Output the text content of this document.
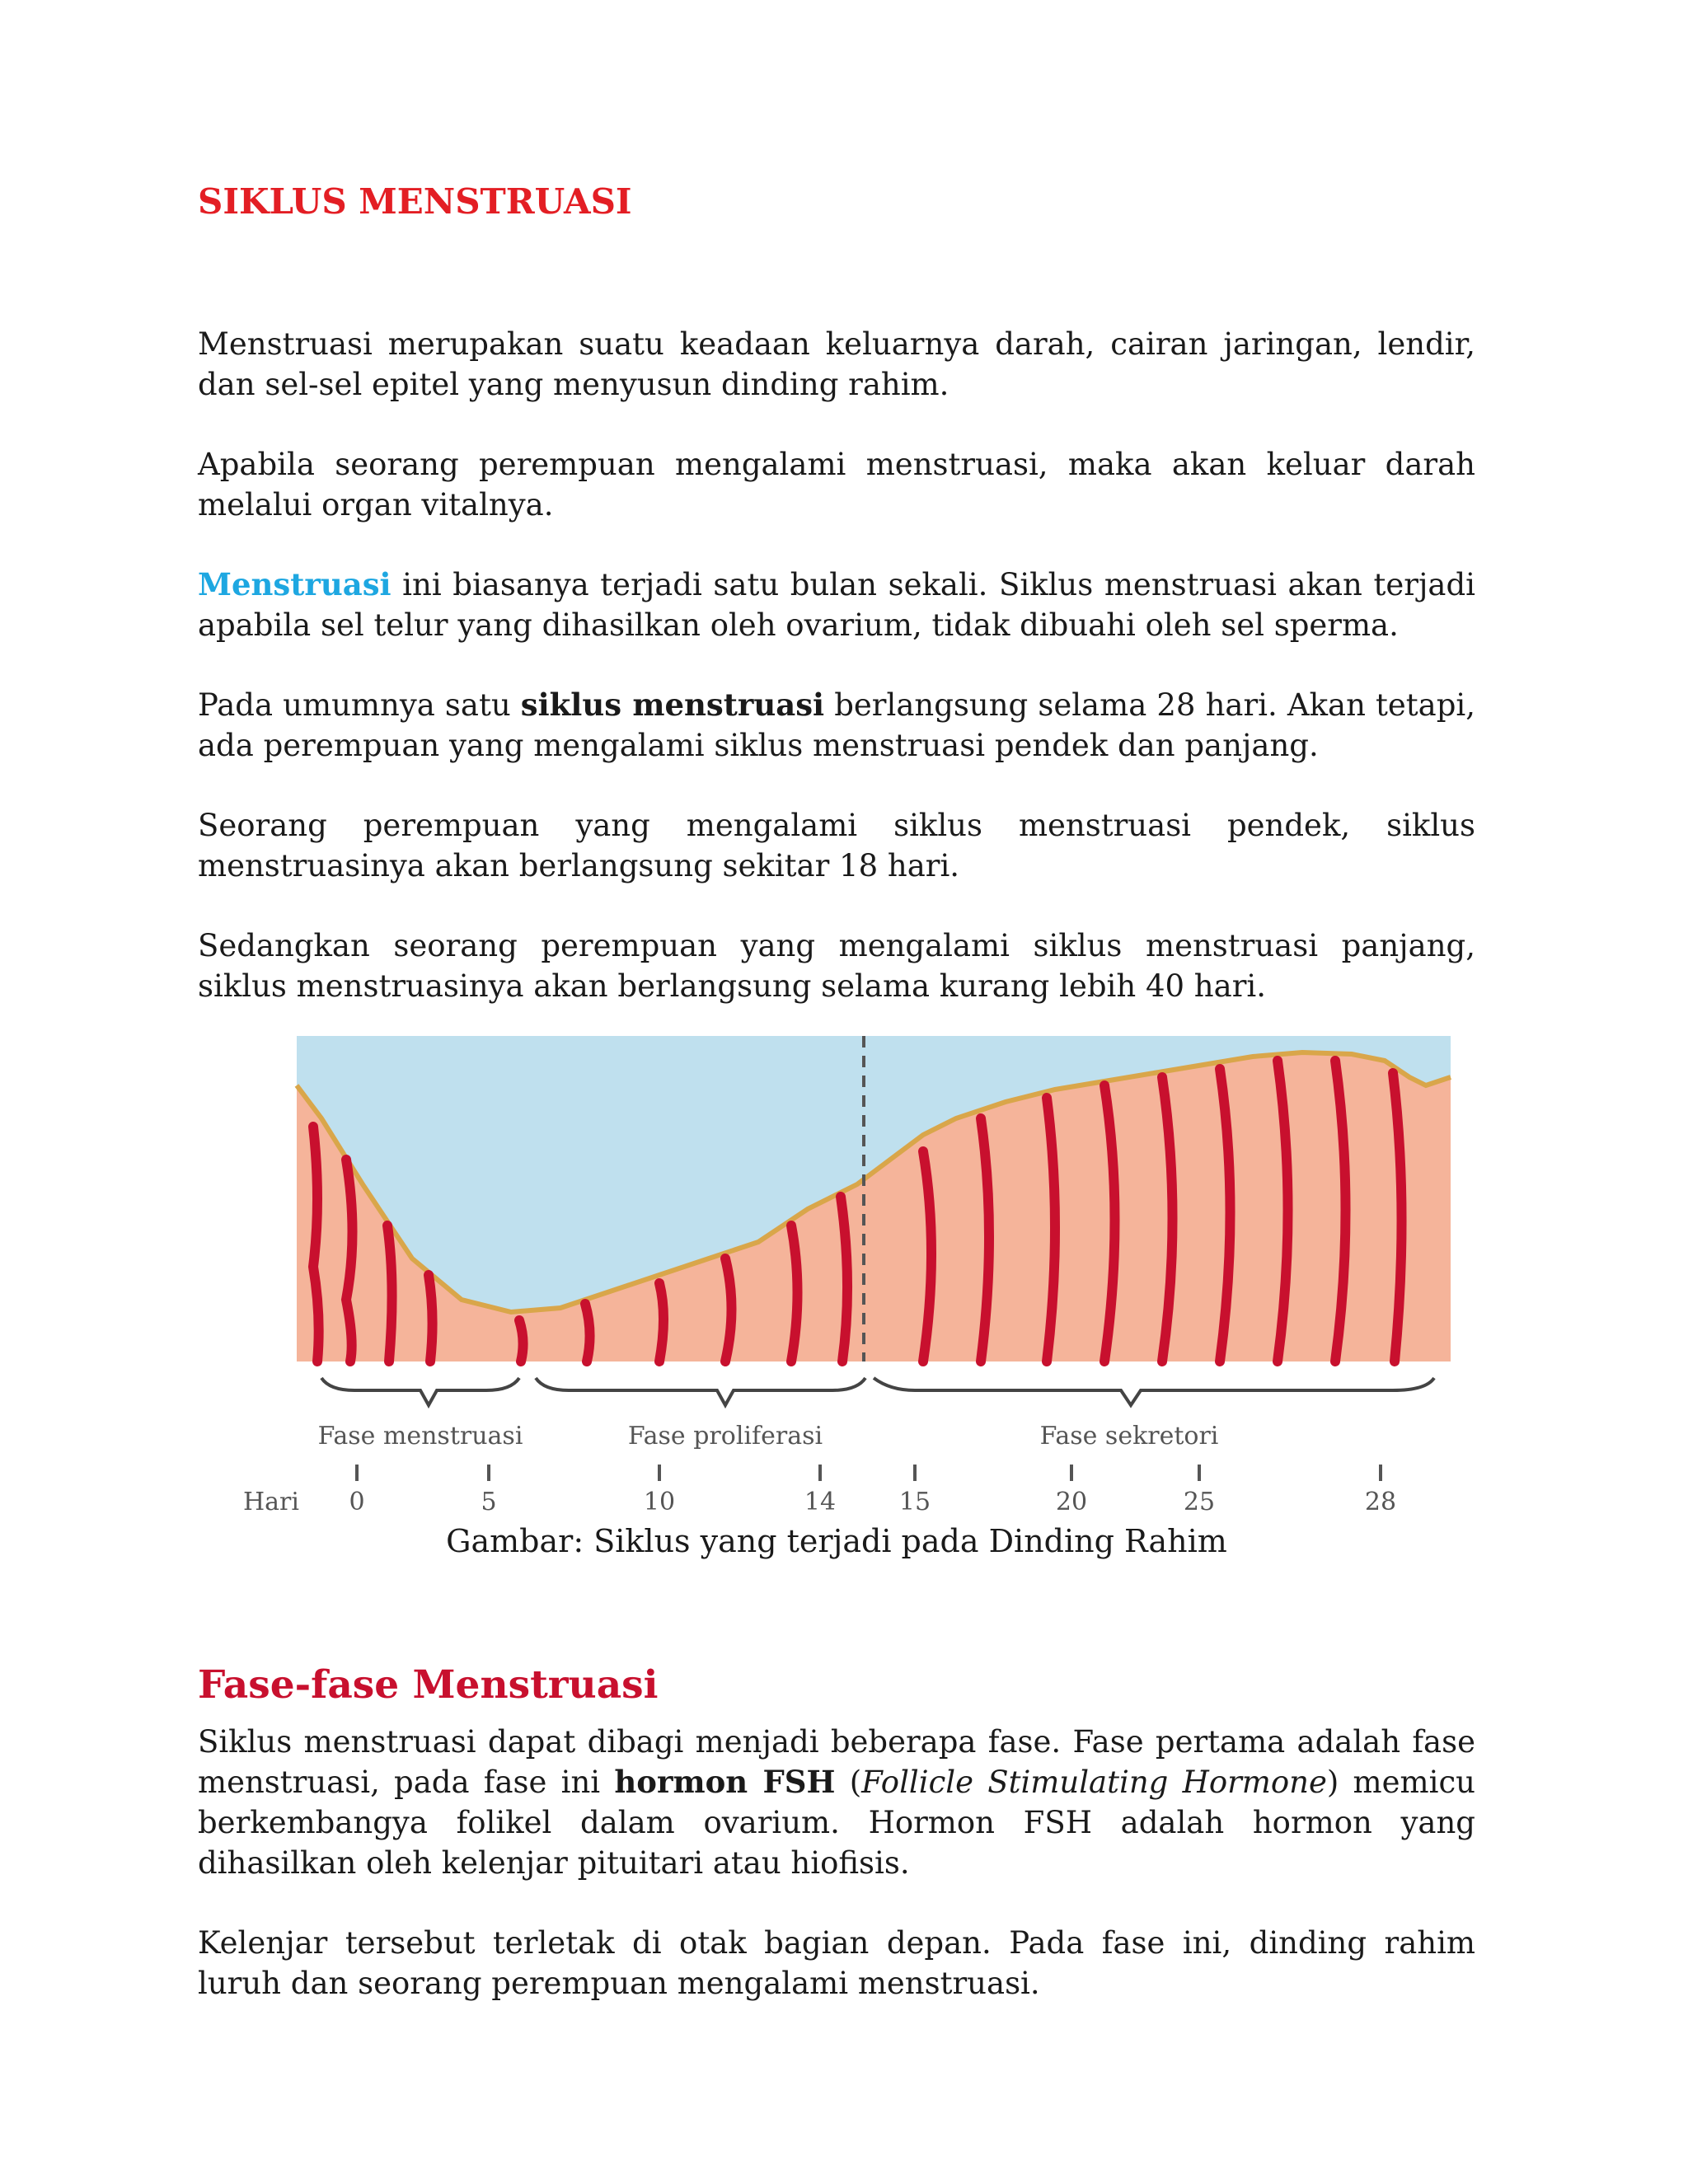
SIKLUS MENSTRUASI

Menstruasi merupakan suatu keadaan keluarnya darah, cairan jaringan, lendir, dan sel-sel epitel yang menyusun dinding rahim.

Apabila seorang perempuan mengalami menstruasi, maka akan keluar darah melalui organ vitalnya.

Menstruasi ini biasanya terjadi satu bulan sekali. Siklus menstruasi akan terjadi apabila sel telur yang dihasilkan oleh ovarium, tidak dibuahi oleh sel sperma.

Pada umumnya satu siklus menstruasi berlangsung selama 28 hari. Akan tetapi, ada perempuan yang mengalami siklus menstruasi pendek dan panjang.

Seorang perempuan yang mengalami siklus menstruasi pendek, siklus menstruasinya akan berlangsung sekitar 18 hari.

Sedangkan seorang perempuan yang mengalami siklus menstruasi panjang, siklus menstruasinya akan berlangsung selama kurang lebih 40 hari.

Fase menstruasi	Fase proliferasi	Fase sekretori
Hari 0	5	10	14	15	20	25	28
Gambar: Siklus yang terjadi pada Dinding Rahim
Fase-fase Menstruasi

Siklus menstruasi dapat dibagi menjadi beberapa fase. Fase pertama adalah fase menstruasi, pada fase ini hormon FSH (Follicle Stimulating Hormone) memicu berkembangya folikel dalam ovarium. Hormon FSH adalah hormon yang dihasilkan oleh kelenjar pituitari atau hiofisis.

Kelenjar tersebut terletak di otak bagian depan. Pada fase ini, dinding rahim luruh dan seorang perempuan mengalami menstruasi.
